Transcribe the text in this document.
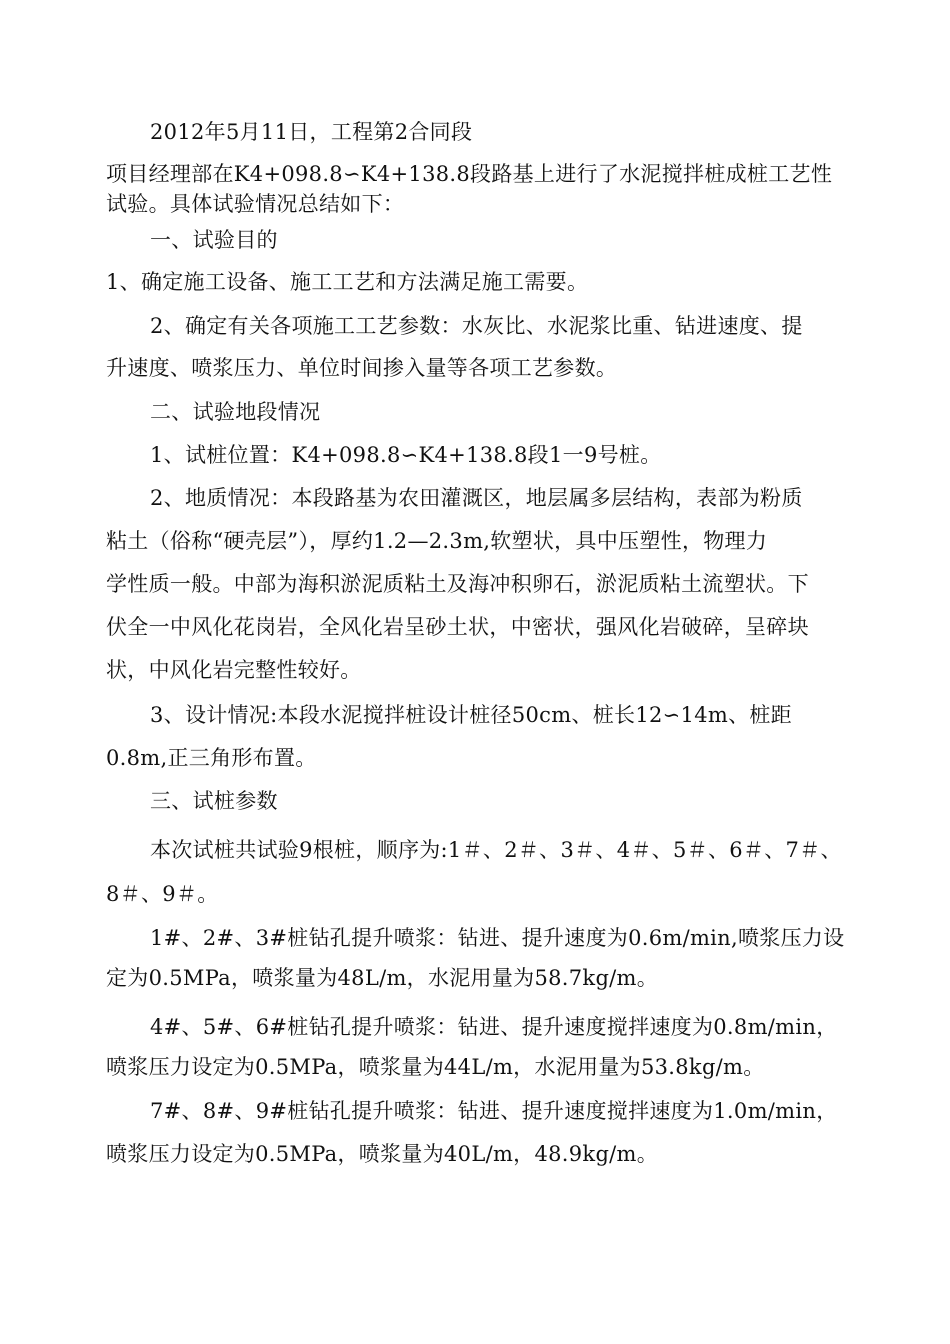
2012年5月11日，工程第2合同段
项目经理部在K4+098.8∽K4+138.8段路基上进行了水泥搅拌桩成桩工艺性
试验。具体试验情况总结如下：
一、试验目的
1、确定施工设备、施工工艺和方法满足施工需要。
2、确定有关各项施工工艺参数：水灰比、水泥浆比重、钻进速度、提
升速度、喷浆压力、单位时间掺入量等各项工艺参数。
二、试验地段情况
1、试桩位置：K4+098.8∽K4+138.8段1一9号桩。
2、地质情况：本段路基为农田灌溉区，地层属多层结构，表部为粉质
粘土（俗称“硬壳层”），厚约1.2—2.3m,软塑状，具中压塑性，物理力
学性质一般。中部为海积淤泥质粘土及海冲积卵石，淤泥质粘土流塑状。下
伏全一中风化花岗岩，全风化岩呈砂土状，中密状，强风化岩破碎，呈碎块
状，中风化岩完整性较好。
3、设计情况:本段水泥搅拌桩设计桩径50cm、桩长12∽14m、桩距
0.8m,正三角形布置。
三、试桩参数
本次试桩共试验9根桩，顺序为:1＃、2＃、3＃、4＃、5＃、6＃、7＃、
8＃、9＃。
1#、2#、3#桩钻孔提升喷浆：钻进、提升速度为0.6m/min,喷浆压力设
定为0.5MPa，喷浆量为48L/m，水泥用量为58.7kg/m。
4#、5#、6#桩钻孔提升喷浆：钻进、提升速度搅拌速度为0.8m/min，
喷浆压力设定为0.5MPa，喷浆量为44L/m，水泥用量为53.8kg/m。
7#、8#、9#桩钻孔提升喷浆：钻进、提升速度搅拌速度为1.0m/min，
喷浆压力设定为0.5MPa，喷浆量为40L/m，48.9kg/m。
